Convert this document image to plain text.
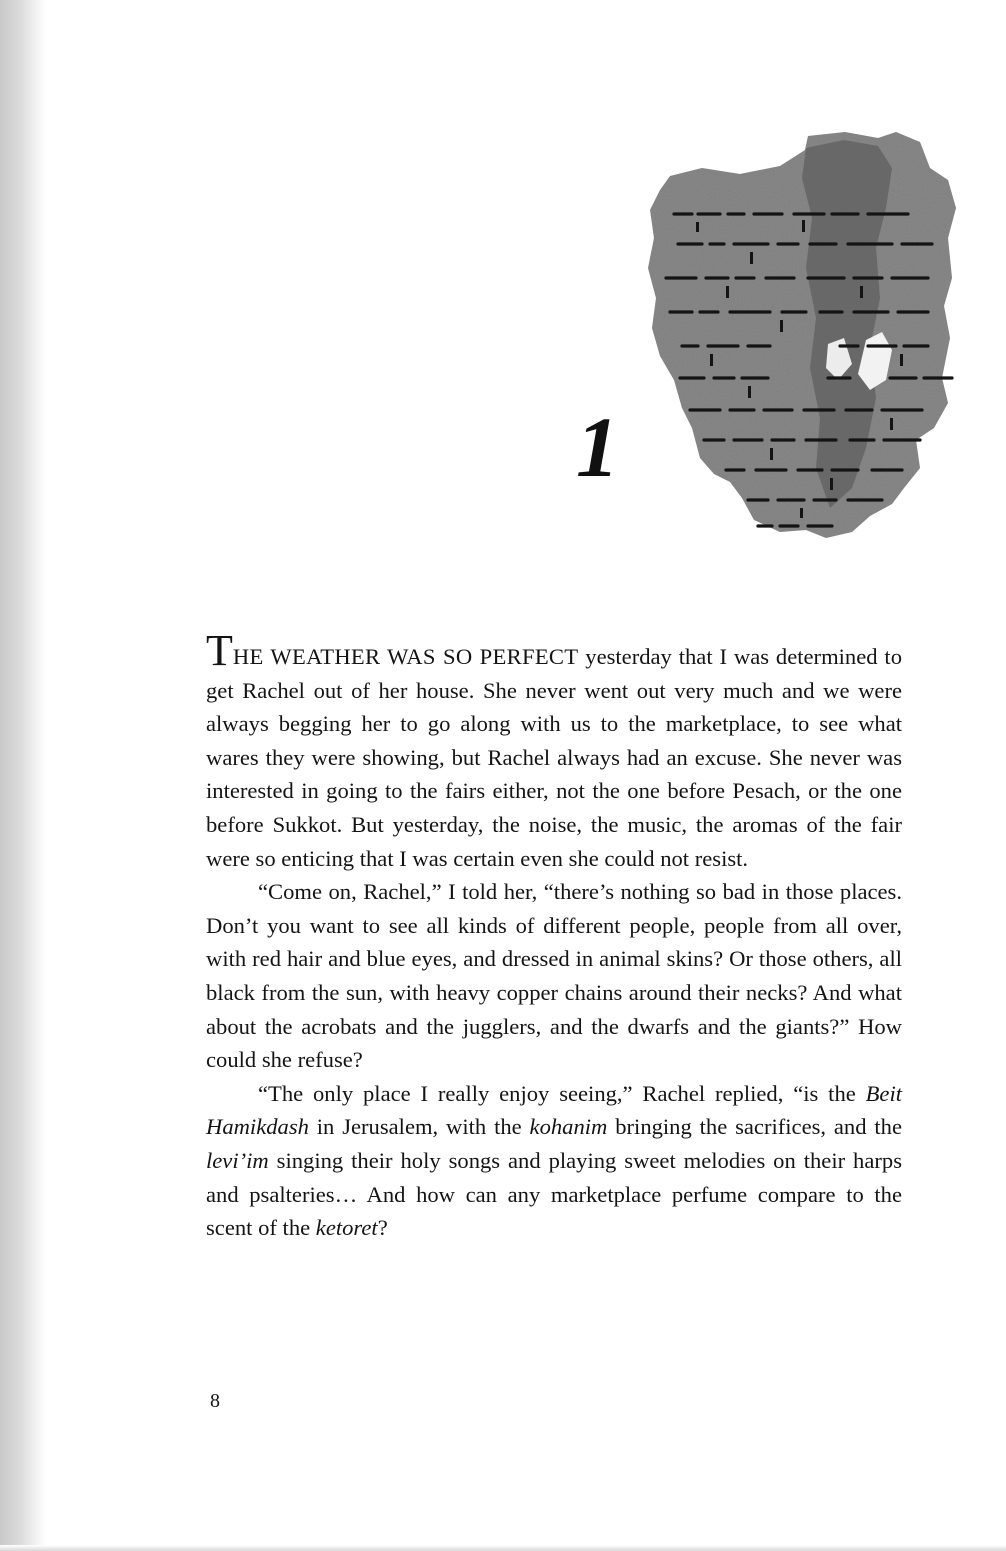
1

THE WEATHER WAS SO PERFECT yesterday that I was determined to get Rachel out of her house. She never went out very much and we were always begging her to go along with us to the marketplace, to see what wares they were showing, but Rachel always had an excuse. She never was interested in going to the fairs either, not the one before Pesach, or the one before Sukkot. But yesterday, the noise, the music, the aromas of the fair were so enticing that I was certain even she could not resist.

“Come on, Rachel,” I told her, “there’s nothing so bad in those places. Don’t you want to see all kinds of different people, people from all over, with red hair and blue eyes, and dressed in animal skins? Or those others, all black from the sun, with heavy copper chains around their necks? And what about the acrobats and the jugglers, and the dwarfs and the giants?” How could she refuse?

“The only place I really enjoy seeing,” Rachel replied, “is the Beit Hamikdash in Jerusalem, with the kohanim bringing the sacrifices, and the levi’im singing their holy songs and playing sweet melodies on their harps and psalteries… And how can any marketplace perfume compare to the scent of the ketoret?

8
